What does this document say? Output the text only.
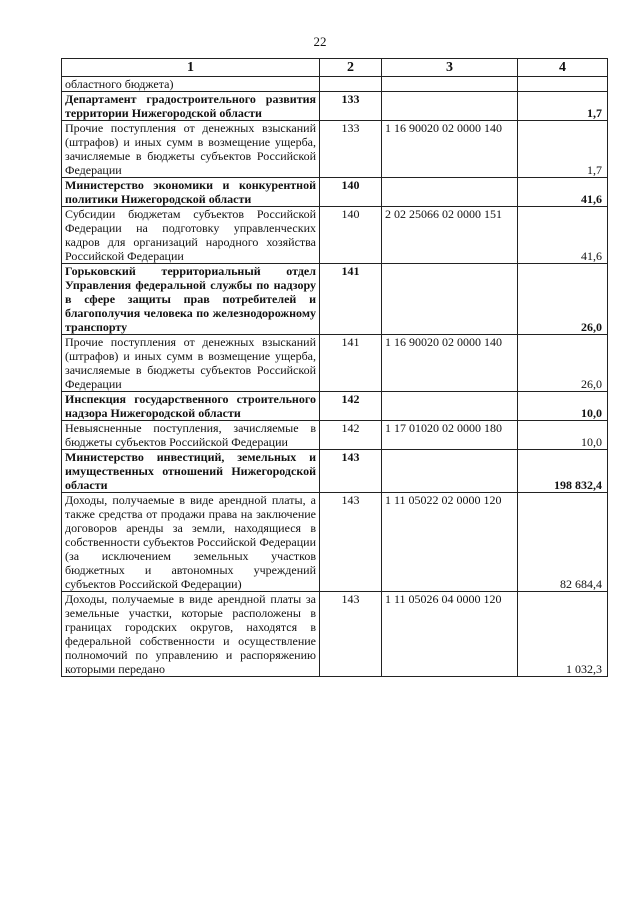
22
1	2	3	4
областного бюджета)			
Департамент градостроительного развития территории Нижегородской области	133		1,7
Прочие поступления от денежных взысканий (штрафов) и иных сумм в возмещение ущерба, зачисляемые в бюджеты субъектов Российской Федерации	133	1 16 90020 02 0000 140	1,7
Министерство экономики и конкурентной политики Нижегородской области	140		41,6
Субсидии бюджетам субъектов Российской Федерации на подготовку управленческих кадров для организаций народного хозяйства Российской Федерации	140	2 02 25066 02 0000 151	41,6
Горьковский территориальный отдел Управления федеральной службы по надзору в сфере защиты прав потребителей и благополучия человека по железнодорожному транспорту	141		26,0
Прочие поступления от денежных взысканий (штрафов) и иных сумм в возмещение ущерба, зачисляемые в бюджеты субъектов Российской Федерации	141	1 16 90020 02 0000 140	26,0
Инспекция государственного строительного надзора Нижегородской области	142		10,0
Невыясненные поступления, зачисляемые в бюджеты субъектов Российской Федерации	142	1 17 01020 02 0000 180	10,0
Министерство инвестиций, земельных и имущественных отношений Нижегородской области	143		198 832,4
Доходы, получаемые в виде арендной платы, а также средства от продажи права на заключение договоров аренды за земли, находящиеся в собственности субъектов Российской Федерации (за исключением земельных участков бюджетных и автономных учреждений субъектов Российской Федерации)	143	1 11 05022 02 0000 120	82 684,4
Доходы, получаемые в виде арендной платы за земельные участки, которые расположены в границах городских округов, находятся в федеральной собственности и осуществление полномочий по управлению и распоряжению которыми передано	143	1 11 05026 04 0000 120	1 032,3
